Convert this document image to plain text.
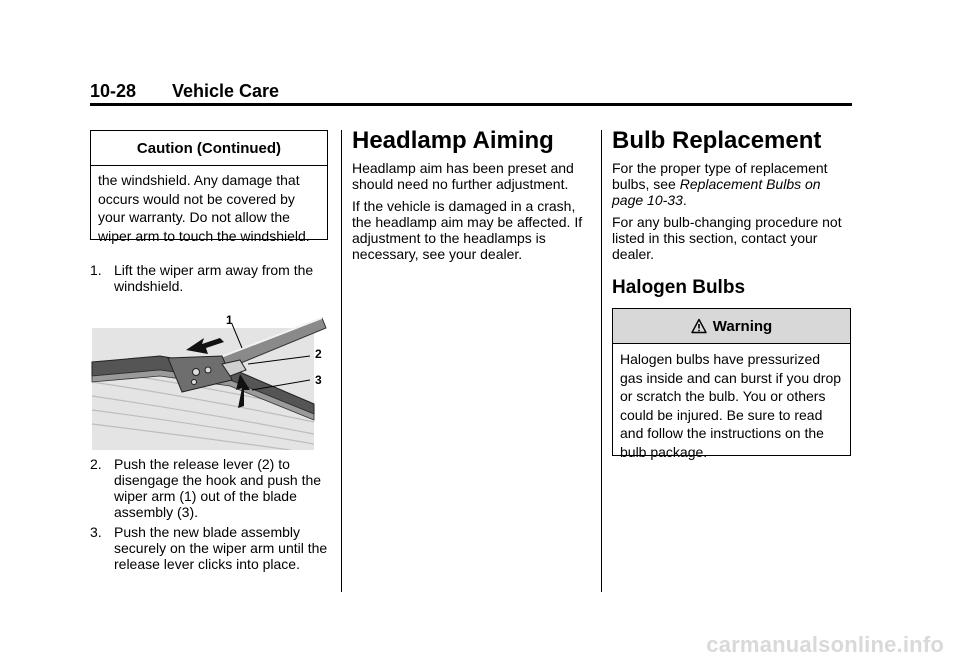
10-28 Vehicle Care
Caution (Continued)
the windshield. Any damage that occurs would not be covered by your warranty. Do not allow the wiper arm to touch the windshield.
1. Lift the wiper arm away from the windshield.
1
2
3
2. Push the release lever (2) to disengage the hook and push the wiper arm (1) out of the blade assembly (3).
3. Push the new blade assembly securely on the wiper arm until the release lever clicks into place.
Headlamp Aiming
Headlamp aim has been preset and should need no further adjustment.
If the vehicle is damaged in a crash, the headlamp aim may be affected. If adjustment to the headlamps is necessary, see your dealer.
Bulb Replacement
For the proper type of replacement bulbs, see Replacement Bulbs on page 10-33.
For any bulb-changing procedure not listed in this section, contact your dealer.
Halogen Bulbs
Warning
Halogen bulbs have pressurized gas inside and can burst if you drop or scratch the bulb. You or others could be injured. Be sure to read and follow the instructions on the bulb package.
carmanualsonline.info
